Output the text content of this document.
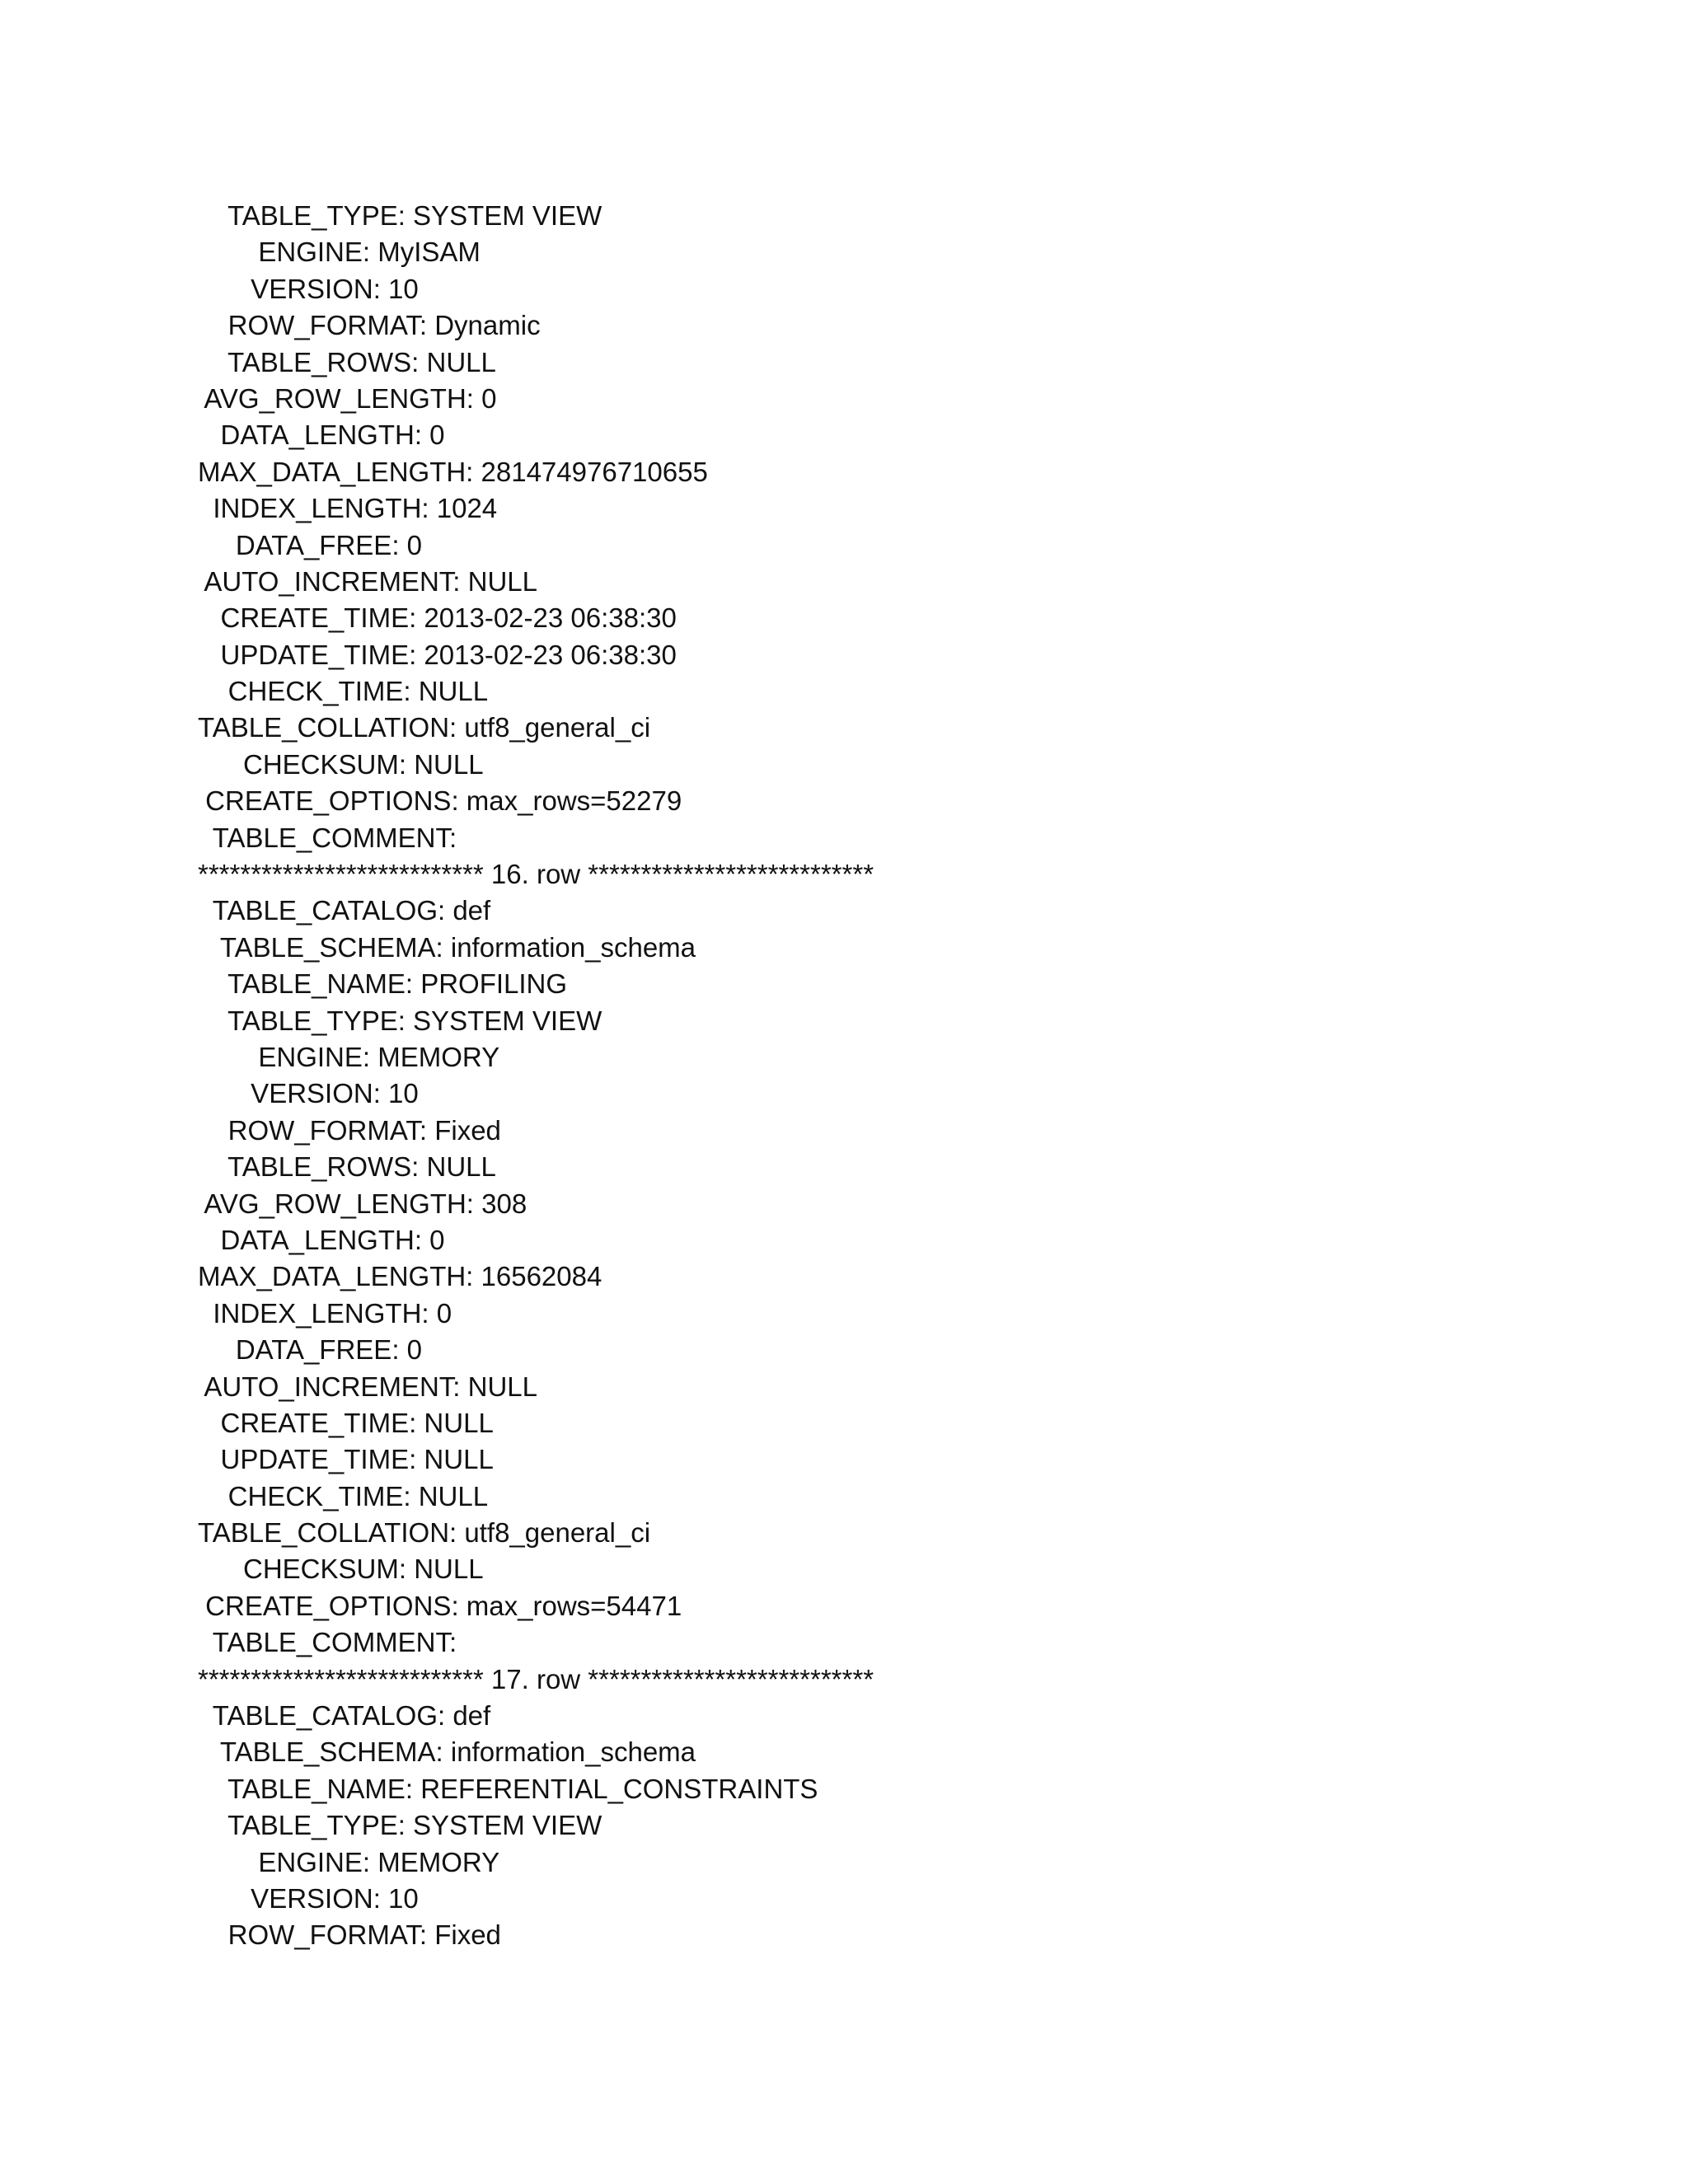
TABLE_TYPE: SYSTEM VIEW
ENGINE: MyISAM
VERSION: 10
ROW_FORMAT: Dynamic
TABLE_ROWS: NULL
AVG_ROW_LENGTH: 0
DATA_LENGTH: 0
MAX_DATA_LENGTH: 281474976710655
INDEX_LENGTH: 1024
DATA_FREE: 0
AUTO_INCREMENT: NULL
CREATE_TIME: 2013-02-23 06:38:30
UPDATE_TIME: 2013-02-23 06:38:30
CHECK_TIME: NULL
TABLE_COLLATION: utf8_general_ci
CHECKSUM: NULL
CREATE_OPTIONS: max_rows=52279
TABLE_COMMENT:
*************************** 16. row ***************************
TABLE_CATALOG: def
TABLE_SCHEMA: information_schema
TABLE_NAME: PROFILING
TABLE_TYPE: SYSTEM VIEW
ENGINE: MEMORY
VERSION: 10
ROW_FORMAT: Fixed
TABLE_ROWS: NULL
AVG_ROW_LENGTH: 308
DATA_LENGTH: 0
MAX_DATA_LENGTH: 16562084
INDEX_LENGTH: 0
DATA_FREE: 0
AUTO_INCREMENT: NULL
CREATE_TIME: NULL
UPDATE_TIME: NULL
CHECK_TIME: NULL
TABLE_COLLATION: utf8_general_ci
CHECKSUM: NULL
CREATE_OPTIONS: max_rows=54471
TABLE_COMMENT:
*************************** 17. row ***************************
TABLE_CATALOG: def
TABLE_SCHEMA: information_schema
TABLE_NAME: REFERENTIAL_CONSTRAINTS
TABLE_TYPE: SYSTEM VIEW
ENGINE: MEMORY
VERSION: 10
ROW_FORMAT: Fixed
